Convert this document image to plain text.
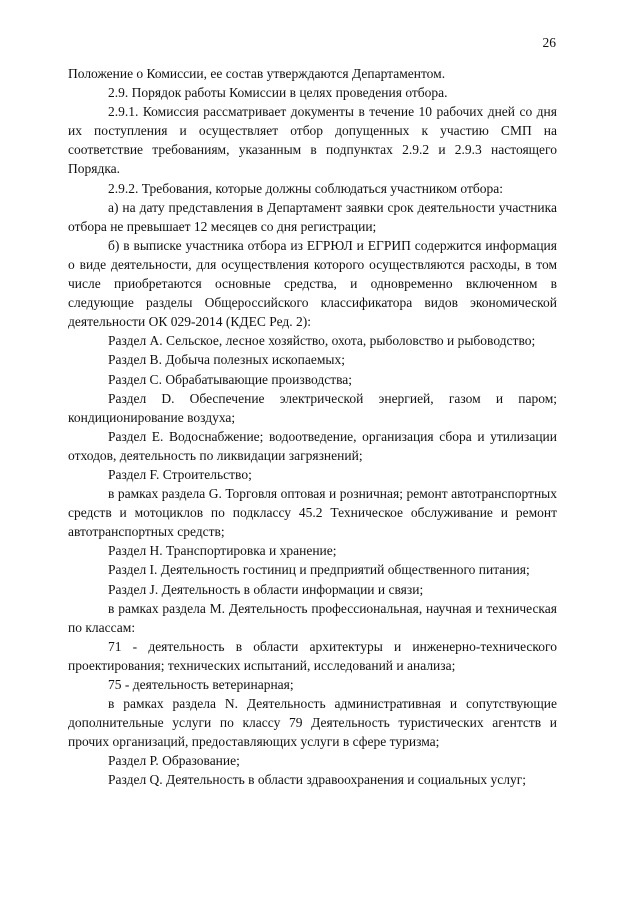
26

Положение о Комиссии, ее состав утверждаются Департаментом.

2.9. Порядок работы Комиссии в целях проведения отбора.

2.9.1. Комиссия рассматривает документы в течение 10 рабочих дней со дня их поступления и осуществляет отбор допущенных к участию СМП на соответствие требованиям, указанным в подпунктах 2.9.2 и 2.9.3 настоящего Порядка.

2.9.2. Требования, которые должны соблюдаться участником отбора:

а) на дату представления в Департамент заявки срок деятельности участника отбора не превышает 12 месяцев со дня регистрации;

б) в выписке участника отбора из ЕГРЮЛ и ЕГРИП содержится информация о виде деятельности, для осуществления которого осуществляются расходы, в том числе приобретаются основные средства, и одновременно включенном в следующие разделы Общероссийского классификатора видов экономической деятельности ОК 029-2014 (КДЕС Ред. 2):

Раздел А. Сельское, лесное хозяйство, охота, рыболовство и рыбоводство;

Раздел В. Добыча полезных ископаемых;

Раздел С. Обрабатывающие производства;

Раздел D. Обеспечение электрической энергией, газом и паром; кондиционирование воздуха;

Раздел Е. Водоснабжение; водоотведение, организация сбора и утилизации отходов, деятельность по ликвидации загрязнений;

Раздел F. Строительство;

в рамках раздела G. Торговля оптовая и розничная; ремонт автотранспортных средств и мотоциклов по подклассу 45.2 Техническое обслуживание и ремонт автотранспортных средств;

Раздел Н. Транспортировка и хранение;

Раздел I. Деятельность гостиниц и предприятий общественного питания;

Раздел J. Деятельность в области информации и связи;

в рамках раздела М. Деятельность профессиональная, научная и техническая по классам:

71 - деятельность в области архитектуры и инженерно-технического проектирования; технических испытаний, исследований и анализа;

75 - деятельность ветеринарная;

в рамках раздела N. Деятельность административная и сопутствующие дополнительные услуги по классу 79 Деятельность туристических агентств и прочих организаций, предоставляющих услуги в сфере туризма;

Раздел Р. Образование;

Раздел Q. Деятельность в области здравоохранения и социальных услуг;
